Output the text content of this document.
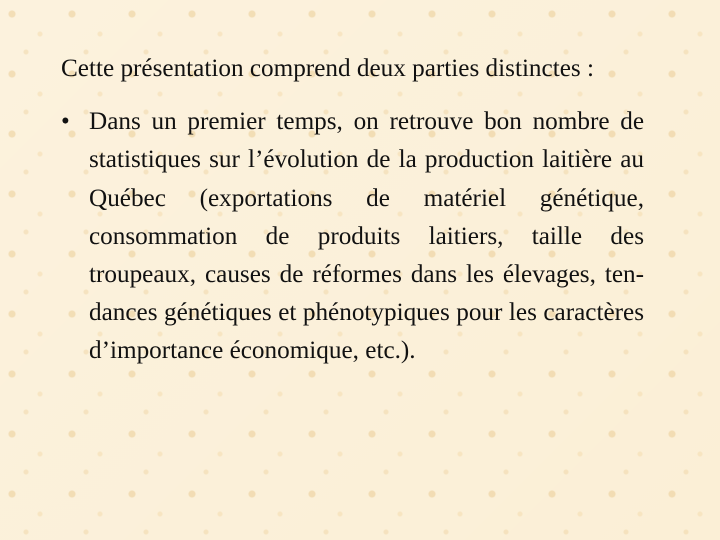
Cette présentation comprend deux parties distinctes :

• Dans un premier temps, on retrouve bon nombre de statistiques sur l’évolution de la production laitière au Québec (exportations de matériel génétique, consommation de produits laitiers, taille des troupeaux, causes de réformes dans les élevages, ten-dances génétiques et phénotypiques pour les caractères d’importance économique, etc.).
